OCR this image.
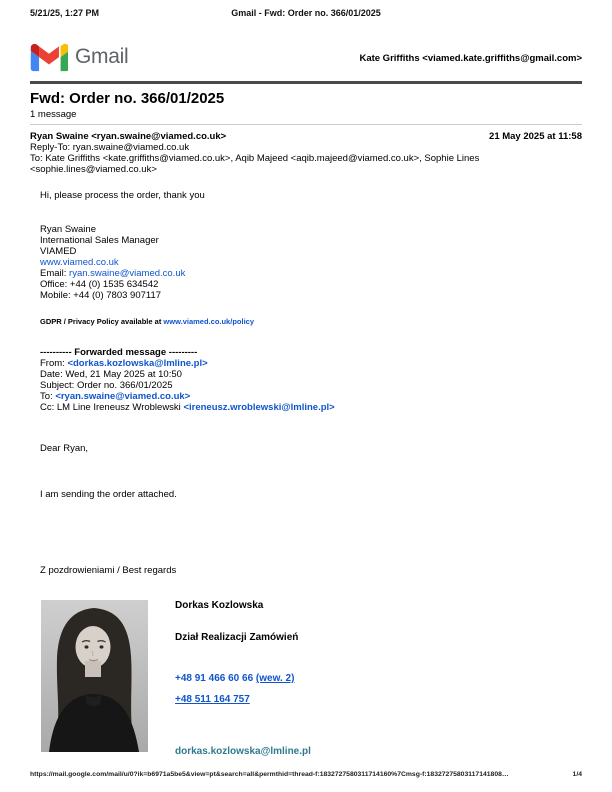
5/21/25, 1:27 PM	Gmail - Fwd: Order no. 366/01/2025
Gmail	Kate Griffiths <viamed.kate.griffiths@gmail.com>
Fwd: Order no. 366/01/2025
1 message
Ryan Swaine <ryan.swaine@viamed.co.uk>	21 May 2025 at 11:58
Reply-To: ryan.swaine@viamed.co.uk
To: Kate Griffiths <kate.griffiths@viamed.co.uk>, Aqib Majeed <aqib.majeed@viamed.co.uk>, Sophie Lines <sophie.lines@viamed.co.uk>
Hi, please process the order, thank you
Ryan Swaine
International Sales Manager
VIAMED
www.viamed.co.uk
Email: ryan.swaine@viamed.co.uk
Office: +44 (0) 1535 634542
Mobile: +44 (0) 7803 907117
GDPR / Privacy Policy available at www.viamed.co.uk/policy
---------- Forwarded message ---------
From: <dorkas.kozlowska@lmline.pl>
Date: Wed, 21 May 2025 at 10:50
Subject: Order no. 366/01/2025
To: <ryan.swaine@viamed.co.uk>
Cc: LM Line Ireneusz Wroblewski <ireneusz.wroblewski@lmline.pl>
Dear Ryan,
I am sending the order attached.
Z pozdrowieniami / Best regards
Dorkas Kozlowska
Dział Realizacji Zamówień
+48 91 466 60 66 (wew. 2)
+48 511 164 757
dorkas.kozlowska@lmline.pl
https://mail.google.com/mail/u/0?ik=b6971a5be5&view=pt&search=all&permthid=thread-f:1832727580311714160%7Cmsg-f:18327275803117141808…	1/4
